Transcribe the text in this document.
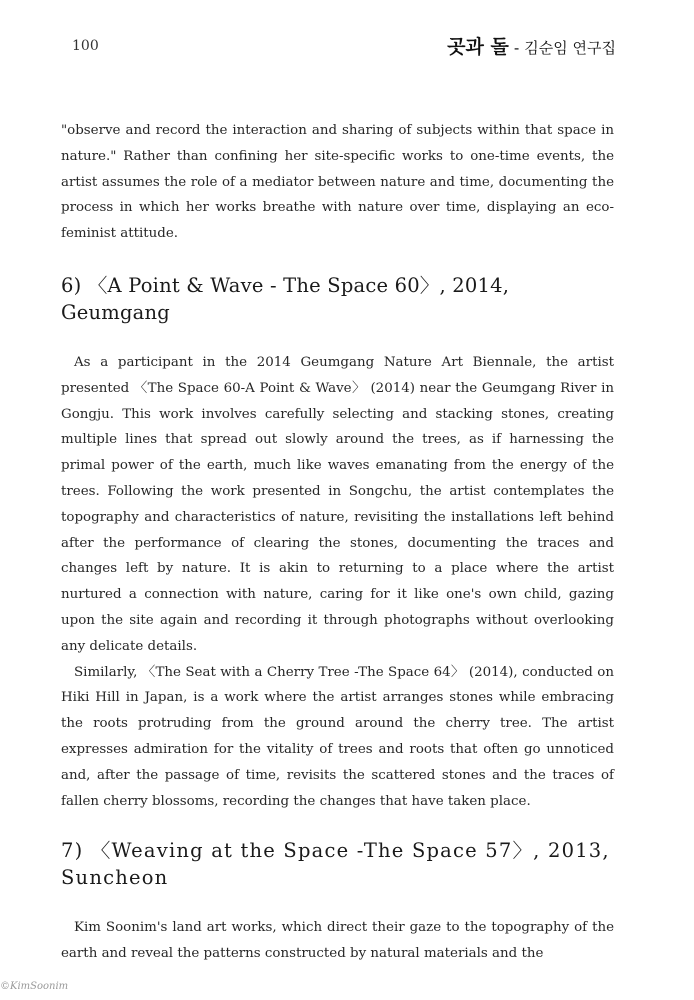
100	곳과 돌 - 김순임 연구집

"observe and record the interaction and sharing of subjects within that space in nature." Rather than confining her site-specific works to one-time events, the artist assumes the role of a mediator between nature and time, documenting the process in which her works breathe with nature over time, displaying an eco-feminist attitude.

6) 〈A Point & Wave - The Space 60〉, 2014, Geumgang

As a participant in the 2014 Geumgang Nature Art Biennale, the artist presented 〈The Space 60-A Point & Wave〉 (2014) near the Geumgang River in Gongju. This work involves carefully selecting and stacking stones, creating multiple lines that spread out slowly around the trees, as if harnessing the primal power of the earth, much like waves emanating from the energy of the trees. Following the work presented in Songchu, the artist contemplates the topography and characteristics of nature, revisiting the installations left behind after the performance of clearing the stones, documenting the traces and changes left by nature. It is akin to returning to a place where the artist nurtured a connection with nature, caring for it like one's own child, gazing upon the site again and recording it through photographs without overlooking any delicate details.

Similarly, 〈The Seat with a Cherry Tree -The Space 64〉 (2014), conducted on Hiki Hill in Japan, is a work where the artist arranges stones while embracing the roots protruding from the ground around the cherry tree. The artist expresses admiration for the vitality of trees and roots that often go unnoticed and, after the passage of time, revisits the scattered stones and the traces of fallen cherry blossoms, recording the changes that have taken place.

7) 〈Weaving at the Space -The Space 57〉, 2013, Suncheon

Kim Soonim's land art works, which direct their gaze to the topography of the earth and reveal the patterns constructed by natural materials and the

©KimSoonim
